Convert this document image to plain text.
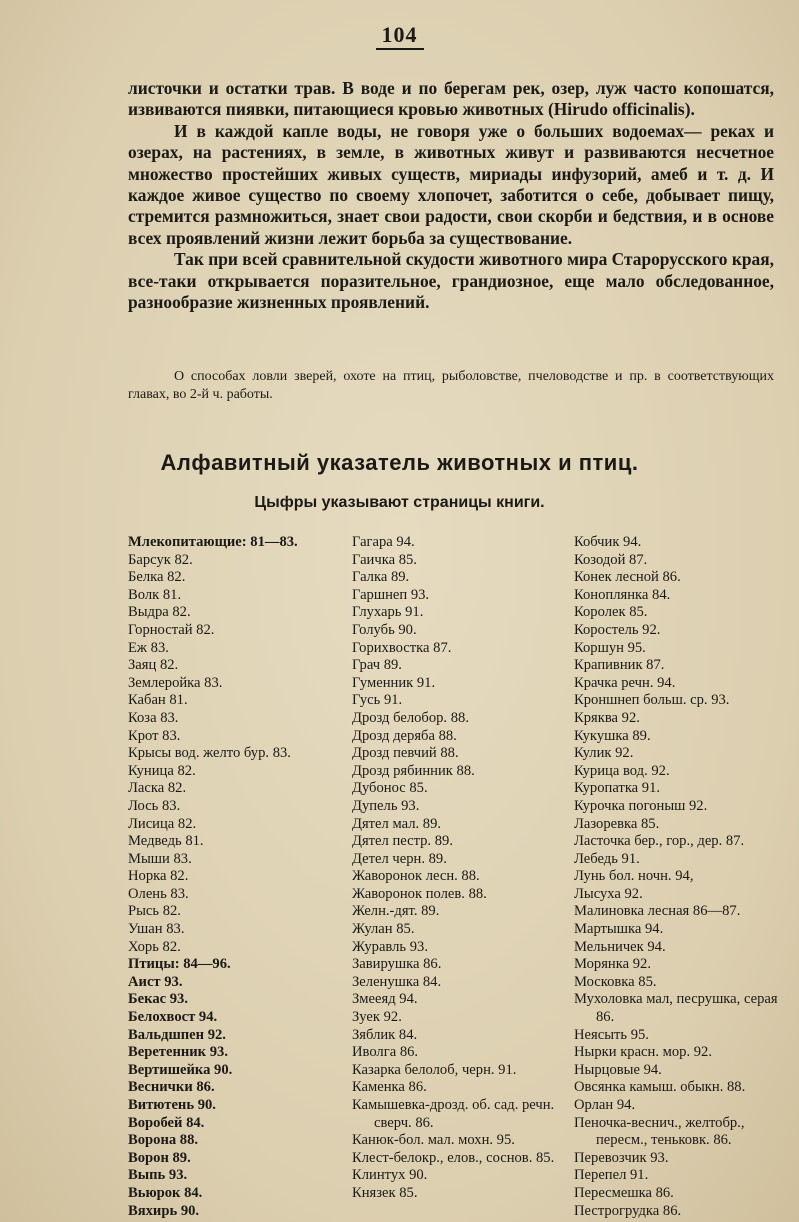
104

листочки и остатки трав. В воде и по берегам рек, озер, луж часто копошатся, извиваются пиявки, питающиеся кровью животных (Hirudo officinalis).

И в каждой капле воды, не говоря уже о больших водоемах— реках и озерах, на растениях, в земле, в животных живут и развиваются несчетное множество простейших живых существ, мириады инфузорий, амеб и т. д. И каждое живое существо по своему хлопочет, заботится о себе, добывает пищу, стремится размножиться, знает свои радости, свои скорби и бедствия, и в основе всех проявлений жизни лежит борьба за существование.

Так при всей сравнительной скудости животного мира Старорусского края, все-таки открывается поразительное, грандиозное, еще мало обследованное, разнообразие жизненных проявлений.

О способах ловли зверей, охоте на птиц, рыболовстве, пчеловодстве и пр. в соответствующих главах, во 2-й ч. работы.

Алфавитный указатель животных и птиц.
Цыфры указывают страницы книги.
Млекопитающие: 81—83.
Барсук 82.
Белка 82.
Волк 81.
Выдра 82.
Горностай 82.
Еж 83.
Заяц 82.
Землеройка 83.
Кабан 81.
Коза 83.
Крот 83.
Крысы вод. желто бур. 83.
Куница 82.
Ласка 82.
Лось 83.
Лисица 82.
Медведь 81.
Мыши 83.
Норка 82.
Олень 83.
Рысь 82.
Ушан 83.
Хорь 82.
Птицы: 84—96.
Аист 93.
Бекас 93.
Белохвост 94.
Вальдшпен 92.
Веретенник 93.
Вертишейка 90.
Веснички 86.
Витютень 90.
Воробей 84.
Ворона 88.
Ворон 89.
Выпь 93.
Вьюрок 84.
Вяхирь 90.
Гагара 94.
Гаичка 85.
Галка 89.
Гаршнеп 93.
Глухарь 91.
Голубь 90.
Горихвостка 87.
Грач 89.
Гуменник 91.
Гусь 91.
Дрозд белобор. 88.
Дрозд деряба 88.
Дрозд певчий 88.
Дрозд рябинник 88.
Дубонос 85.
Дупель 93.
Дятел мал. 89.
Дятел пестр. 89.
Детел черн. 89.
Жаворонок лесн. 88.
Жаворонок полев. 88.
Желн.-дят. 89.
Жулан 85.
Журавль 93.
Завирушка 86.
Зеленушка 84.
Змееяд 94.
Зуек 92.
Зяблик 84.
Иволга 86.
Казарка белолоб, черн. 91.
Каменка 86.
Камышевка-дрозд. об. сад. речн. сверч. 86.
Канюк-бол. мал. мохн. 95.
Клест-белокр., елов., соснов. 85.
Клинтух 90.
Князек 85.
Кобчик 94.
Козодой 87.
Конек лесной 86.
Коноплянка 84.
Королек 85.
Коростель 92.
Коршун 95.
Крапивник 87.
Крачка речн. 94.
Кроншнеп больш. ср. 93.
Кряква 92.
Кукушка 89.
Кулик 92.
Курица вод. 92.
Куропатка 91.
Курочка погоныш 92.
Лазоревка 85.
Ласточка бер., гор., дер. 87.
Лебедь 91.
Лунь бол. ночн. 94,
Лысуха 92.
Малиновка лесная 86—87.
Мартышка 94.
Мельничек 94.
Морянка 92.
Московка 85.
Мухоловка мал, песрушка, серая 86.
Неясыть 95.
Нырки красн. мор. 92.
Нырцовые 94.
Овсянка камыш. обыкн. 88.
Орлан 94.
Пеночка-веснич., желтобр., пересм., теньковк. 86.
Перевозчик 93.
Перепел 91.
Пересмешка 86.
Пестрогрудка 86.
